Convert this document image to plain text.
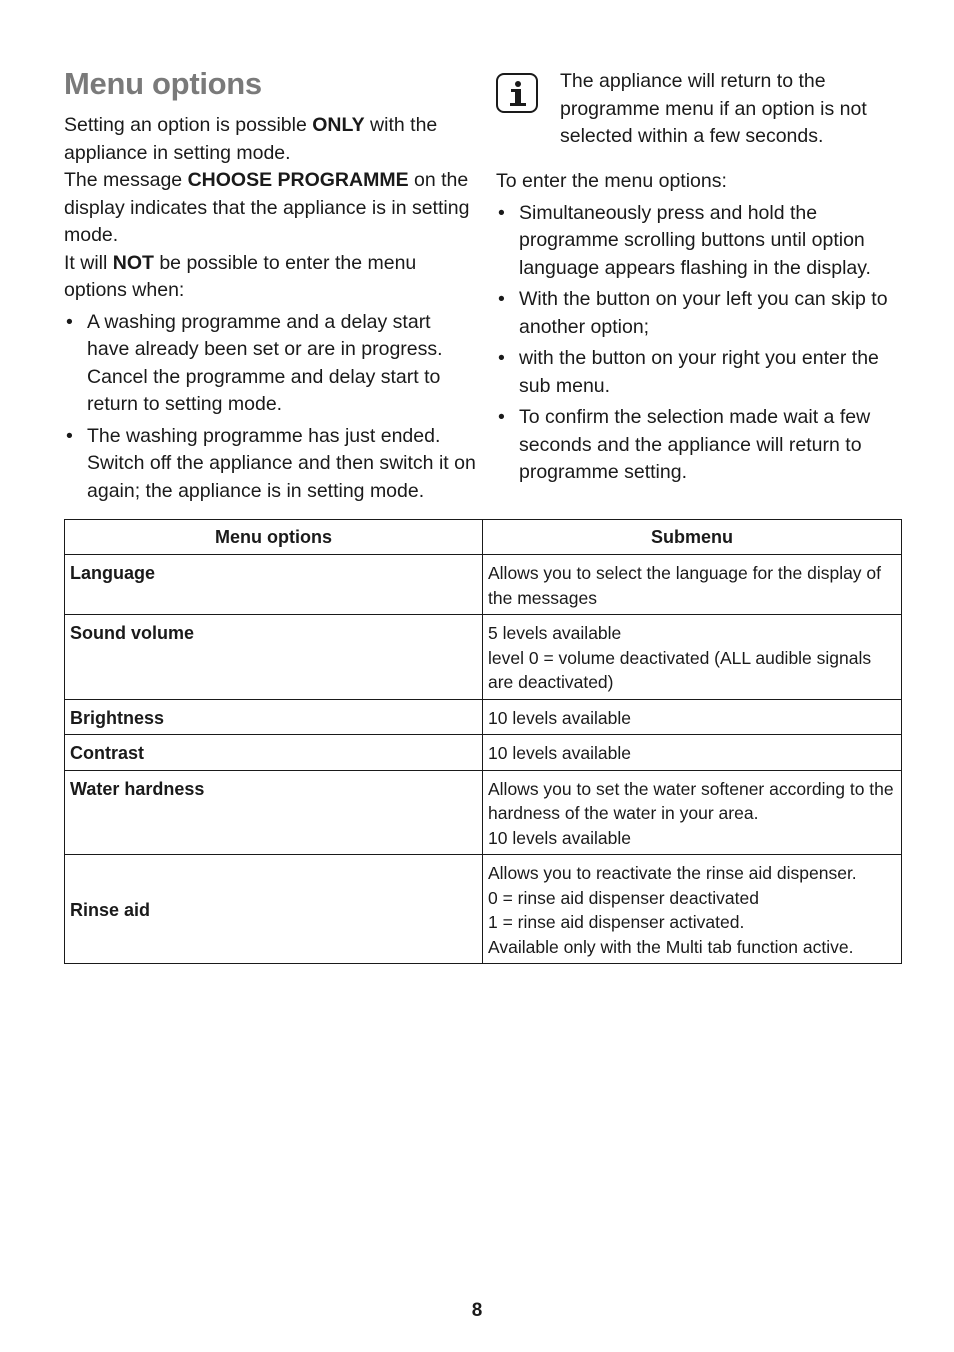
Menu options

Setting an option is possible ONLY with the appliance in setting mode.

The message CHOOSE PROGRAMME on the display indicates that the appliance is in setting mode.

It will NOT be possible to enter the menu options when:

• A washing programme and a delay start have already been set or are in progress. Cancel the programme and delay start to return to setting mode.
• The washing programme has just ended. Switch off the appliance and then switch it on again; the appliance is in setting mode.

The appliance will return to the programme menu if an option is not selected within a few seconds.

To enter the menu options:

• Simultaneously press and hold the programme scrolling buttons until option language appears flashing in the display.
• With the button on your left you can skip to another option;
• with the button on your right you enter the sub menu.
• To confirm the selection made wait a few seconds and the appliance will return to programme setting.
Menu options	Submenu
Language	Allows you to select the language for the display of the messages

Sound volume	5 levels available
level 0 = volume deactivated (ALL audible signals are deactivated)

Brightness	10 levels available

Contrast	10 levels available

Water hardness	Allows you to set the water softener according to the hardness of the water in your area.
10 levels available

Rinse aid	Allows you to reactivate the rinse aid dispenser.
0 = rinse aid dispenser deactivated
1 = rinse aid dispenser activated.
Available only with the Multi tab function active.
8
